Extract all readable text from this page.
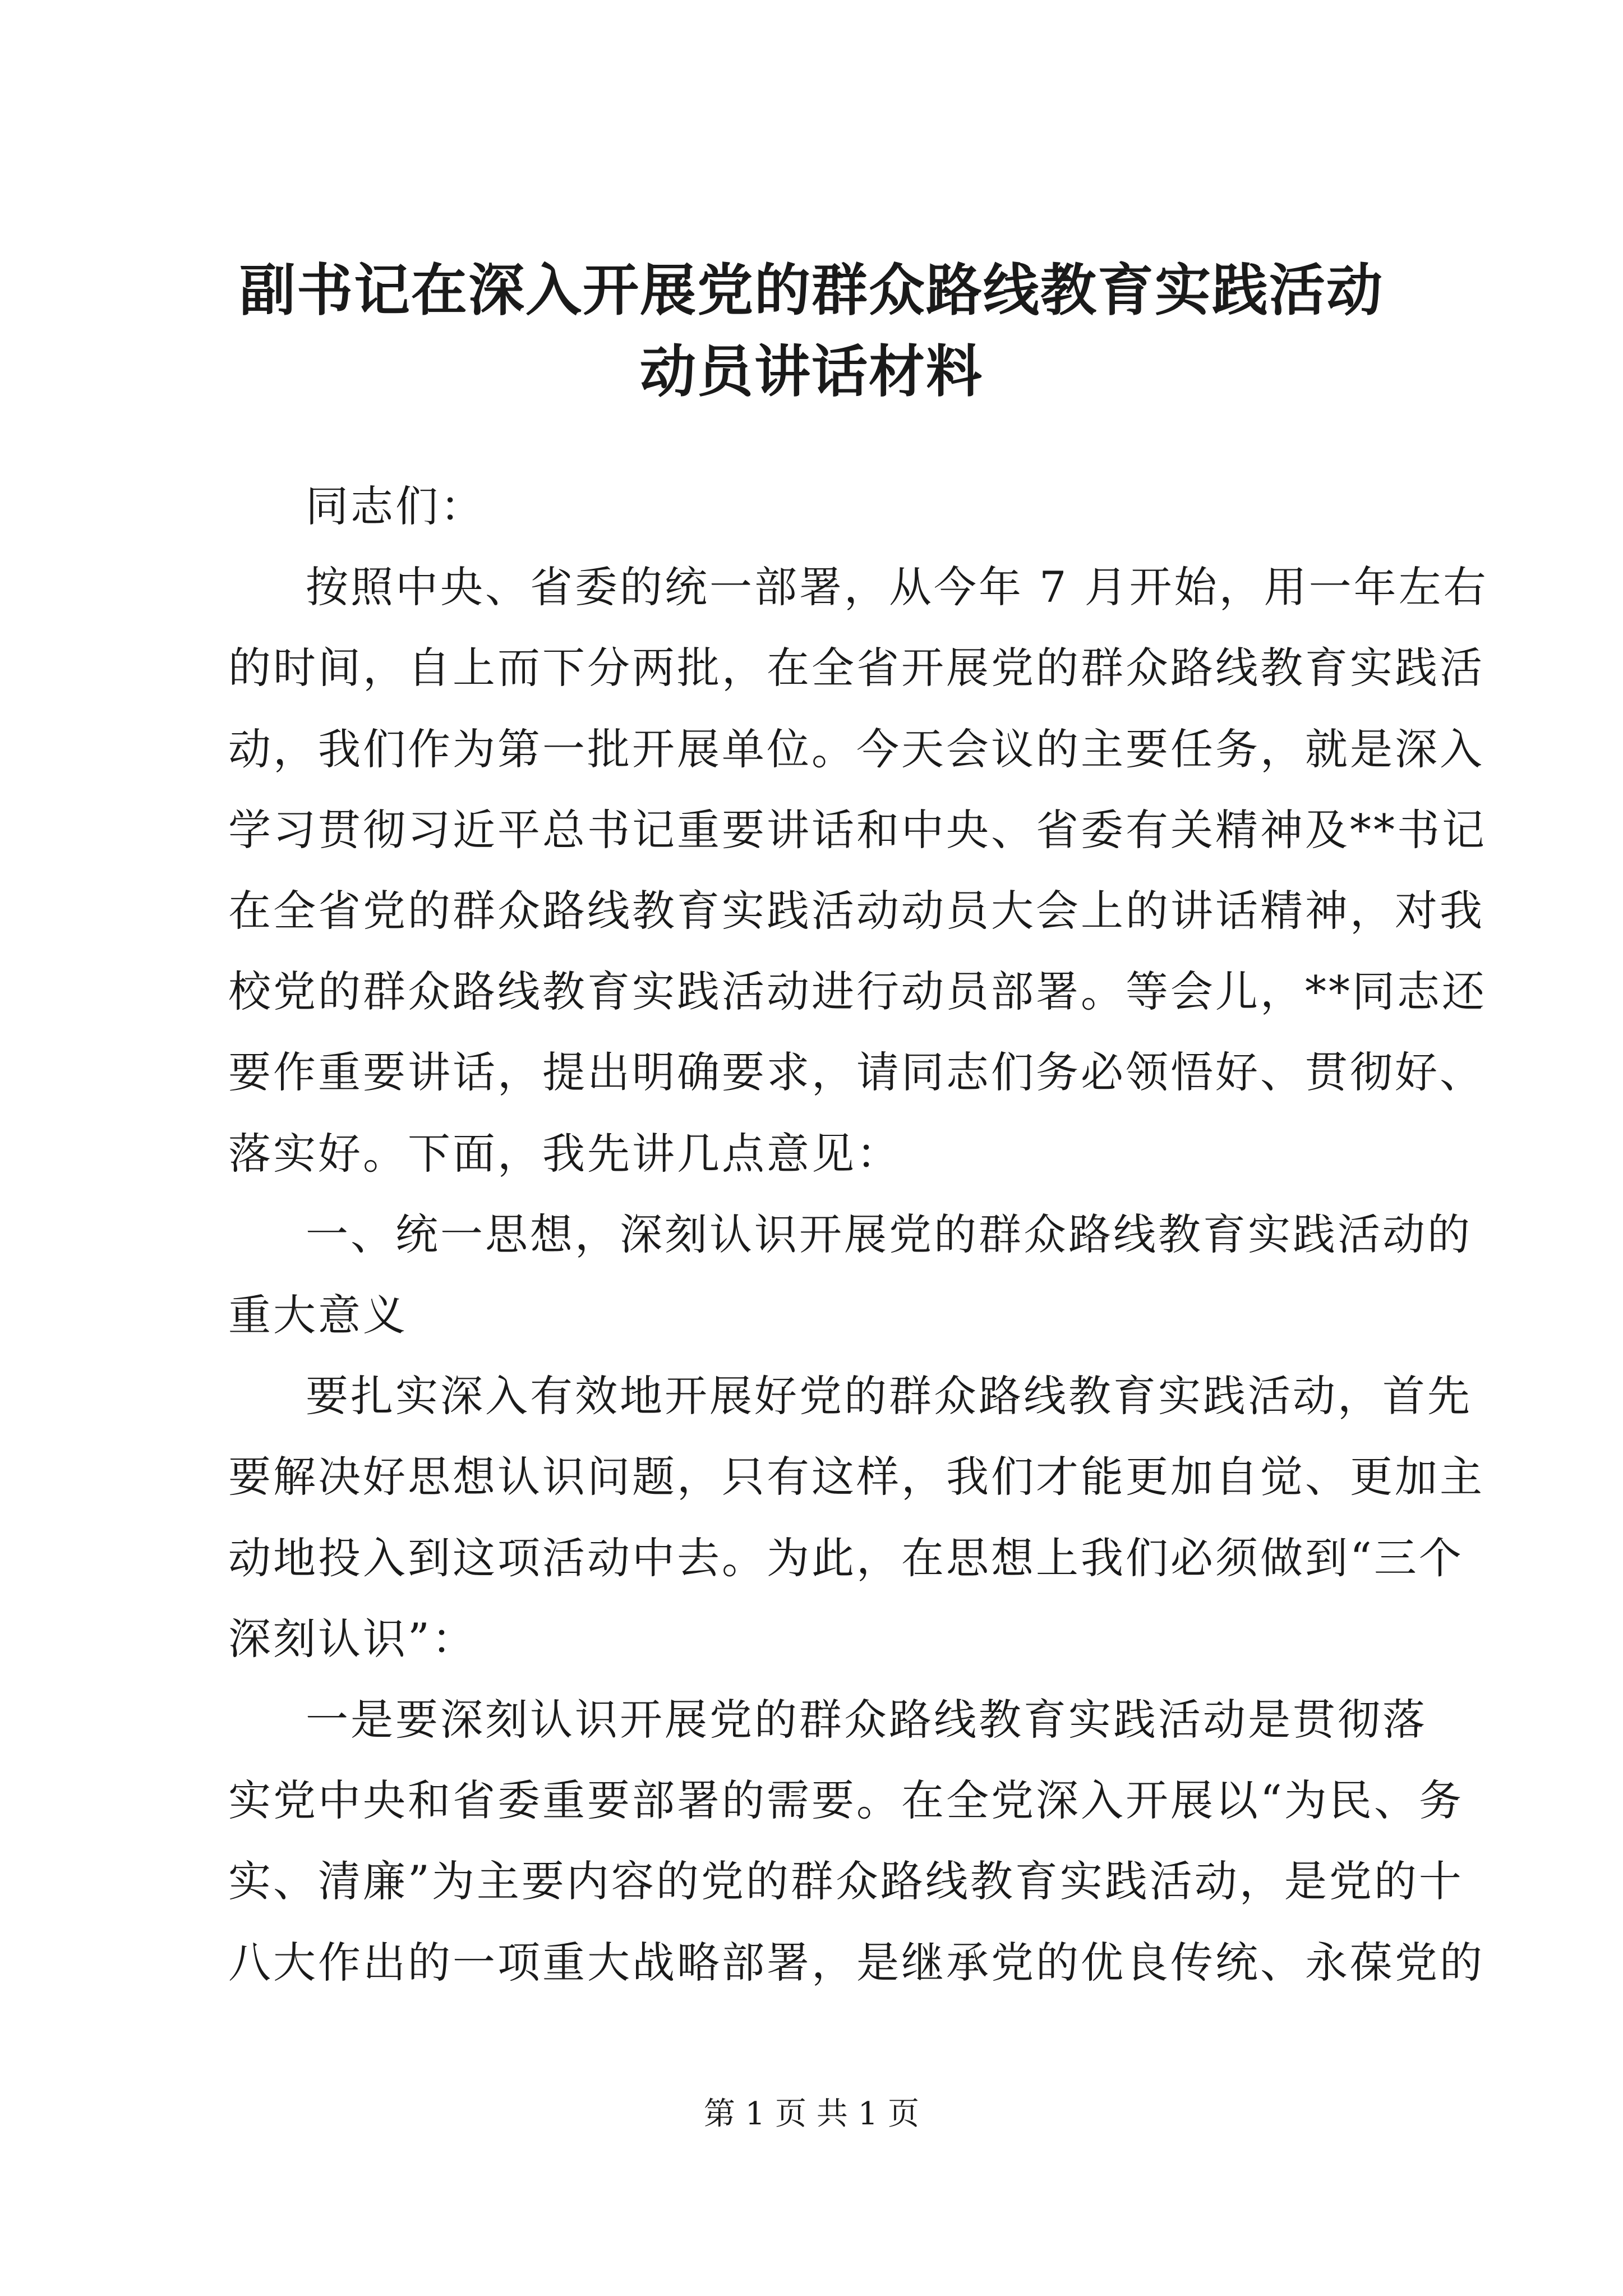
副书记在深入开展党的群众路线教育实践活动
动员讲话材料
同志们：
按照中央、省委的统一部署，从今年 7 月开始，用一年左右
的时间，自上而下分两批，在全省开展党的群众路线教育实践活
动，我们作为第一批开展单位。今天会议的主要任务，就是深入
学习贯彻习近平总书记重要讲话和中央、省委有关精神及**书记
在全省党的群众路线教育实践活动动员大会上的讲话精神，对我
校党的群众路线教育实践活动进行动员部署。等会儿，**同志还
要作重要讲话，提出明确要求，请同志们务必领悟好、贯彻好、
落实好。下面，我先讲几点意见：
一、统一思想，深刻认识开展党的群众路线教育实践活动的
重大意义
要扎实深入有效地开展好党的群众路线教育实践活动，首先
要解决好思想认识问题，只有这样，我们才能更加自觉、更加主
动地投入到这项活动中去。为此，在思想上我们必须做到“三个
深刻认识”：
一是要深刻认识开展党的群众路线教育实践活动是贯彻落
实党中央和省委重要部署的需要。在全党深入开展以“为民、务
实、清廉”为主要内容的党的群众路线教育实践活动，是党的十
八大作出的一项重大战略部署，是继承党的优良传统、永葆党的
第 1 页 共 1 页
